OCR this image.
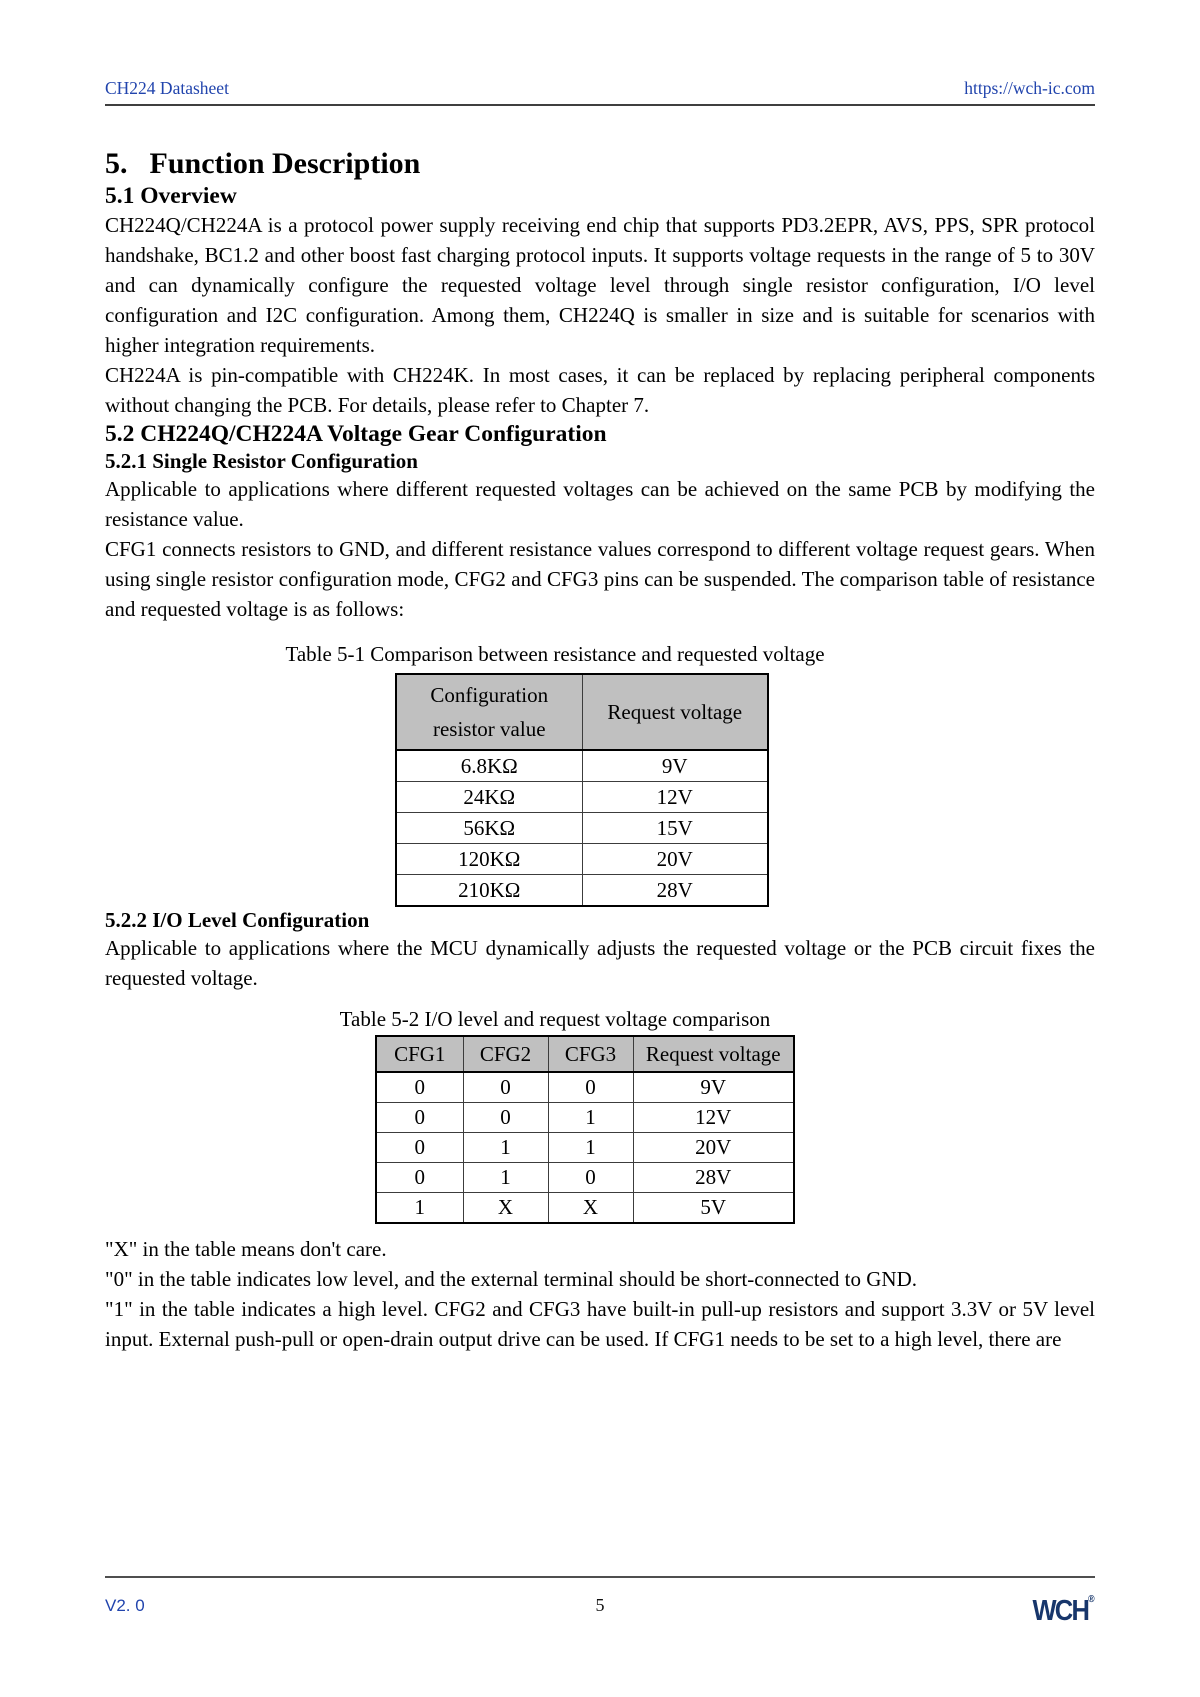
CH224 Datasheet	https://wch-ic.com
5. Function Description
5.1 Overview

CH224Q/CH224A is a protocol power supply receiving end chip that supports PD3.2EPR, AVS, PPS, SPR protocol handshake, BC1.2 and other boost fast charging protocol inputs. It supports voltage requests in the range of 5 to 30V and can dynamically configure the requested voltage level through single resistor configuration, I/O level configuration and I2C configuration. Among them, CH224Q is smaller in size and is suitable for scenarios with higher integration requirements.

CH224A is pin-compatible with CH224K. In most cases, it can be replaced by replacing peripheral components without changing the PCB. For details, please refer to Chapter 7.

5.2 CH224Q/CH224A Voltage Gear Configuration
5.2.1 Single Resistor Configuration

Applicable to applications where different requested voltages can be achieved on the same PCB by modifying the resistance value.

CFG1 connects resistors to GND, and different resistance values correspond to different voltage request gears. When using single resistor configuration mode, CFG2 and CFG3 pins can be suspended. The comparison table of resistance and requested voltage is as follows:

Table 5-1 Comparison between resistance and requested voltage
Configuration resistor value	Request voltage
6.8KΩ	9V
24KΩ	12V
56KΩ	15V
120KΩ	20V
210KΩ	28V
5.2.2 I/O Level Configuration

Applicable to applications where the MCU dynamically adjusts the requested voltage or the PCB circuit fixes the requested voltage.

Table 5-2 I/O level and request voltage comparison
CFG1	CFG2	CFG3	Request voltage
0	0	0	9V
0	0	1	12V
0	1	1	20V
0	1	0	28V
1	X	X	5V

"X" in the table means don't care.

"0" in the table indicates low level, and the external terminal should be short-connected to GND.

"1" in the table indicates a high level. CFG2 and CFG3 have built-in pull-up resistors and support 3.3V or 5V level input. External push-pull or open-drain output drive can be used. If CFG1 needs to be set to a high level, there are

V2. 0	5	WCH®
